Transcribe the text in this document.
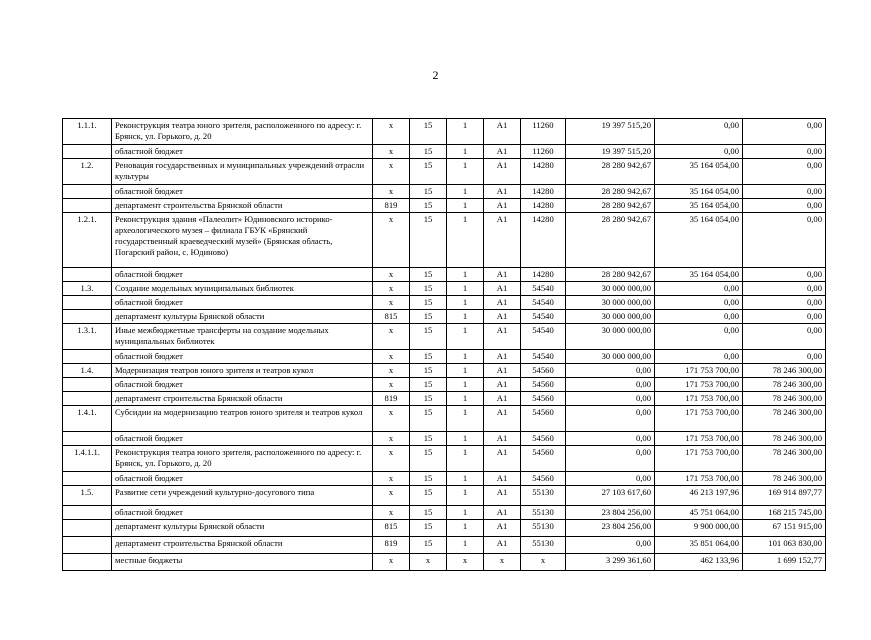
2
1.1.1.	Реконструкция театра юного зрителя, расположенного по адресу: г. Брянск, ул. Горького, д. 20	х	15	1	А1	11260	19 397 515,20	0,00	0,00
	областной бюджет	х	15	1	А1	11260	19 397 515,20	0,00	0,00
1.2.	Реновация государственных и муниципальных учреждений отрасли культуры	х	15	1	А1	14280	28 280 942,67	35 164 054,00	0,00
	областной бюджет	х	15	1	А1	14280	28 280 942,67	35 164 054,00	0,00
	департамент строительства Брянской области	819	15	1	А1	14280	28 280 942,67	35 164 054,00	0,00
1.2.1.	Реконструкция здания «Палеолит» Юдиновского историко-археологического музея – филиала ГБУК «Брянский государственный краеведческий музей» (Брянская область, Погарский район, с. Юдиново)	х	15	1	А1	14280	28 280 942,67	35 164 054,00	0,00
	областной бюджет	х	15	1	А1	14280	28 280 942,67	35 164 054,00	0,00
1.3.	Создание модельных муниципальных библиотек	х	15	1	А1	54540	30 000 000,00	0,00	0,00
	областной бюджет	х	15	1	А1	54540	30 000 000,00	0,00	0,00
	департамент культуры Брянской области	815	15	1	А1	54540	30 000 000,00	0,00	0,00
1.3.1.	Иные межбюджетные трансферты на создание модельных муниципальных библиотек	х	15	1	А1	54540	30 000 000,00	0,00	0,00
	областной бюджет	х	15	1	А1	54540	30 000 000,00	0,00	0,00
1.4.	Модернизация театров юного зрителя и театров кукол	х	15	1	А1	54560	0,00	171 753 700,00	78 246 300,00
	областной бюджет	х	15	1	А1	54560	0,00	171 753 700,00	78 246 300,00
	департамент строительства Брянской области	819	15	1	А1	54560	0,00	171 753 700,00	78 246 300,00
1.4.1.	Субсидии на модернизацию театров юного зрителя и театров кукол	х	15	1	А1	54560	0,00	171 753 700,00	78 246 300,00
	областной бюджет	х	15	1	А1	54560	0,00	171 753 700,00	78 246 300,00
1.4.1.1.	Реконструкция театра юного зрителя, расположенного по адресу: г. Брянск, ул. Горького, д. 20	х	15	1	А1	54560	0,00	171 753 700,00	78 246 300,00
	областной бюджет	х	15	1	А1	54560	0,00	171 753 700,00	78 246 300,00
1.5.	Развитие сети учреждений культурно-досугового типа	х	15	1	А1	55130	27 103 617,60	46 213 197,96	169 914 897,77
	областной бюджет	х	15	1	А1	55130	23 804 256,00	45 751 064,00	168 215 745,00
	департамент культуры Брянской области	815	15	1	А1	55130	23 804 256,00	9 900 000,00	67 151 915,00
	департамент строительства Брянской области	819	15	1	А1	55130	0,00	35 851 064,00	101 063 830,00
	местные бюджеты	х	х	х	х	х	3 299 361,60	462 133,96	1 699 152,77
